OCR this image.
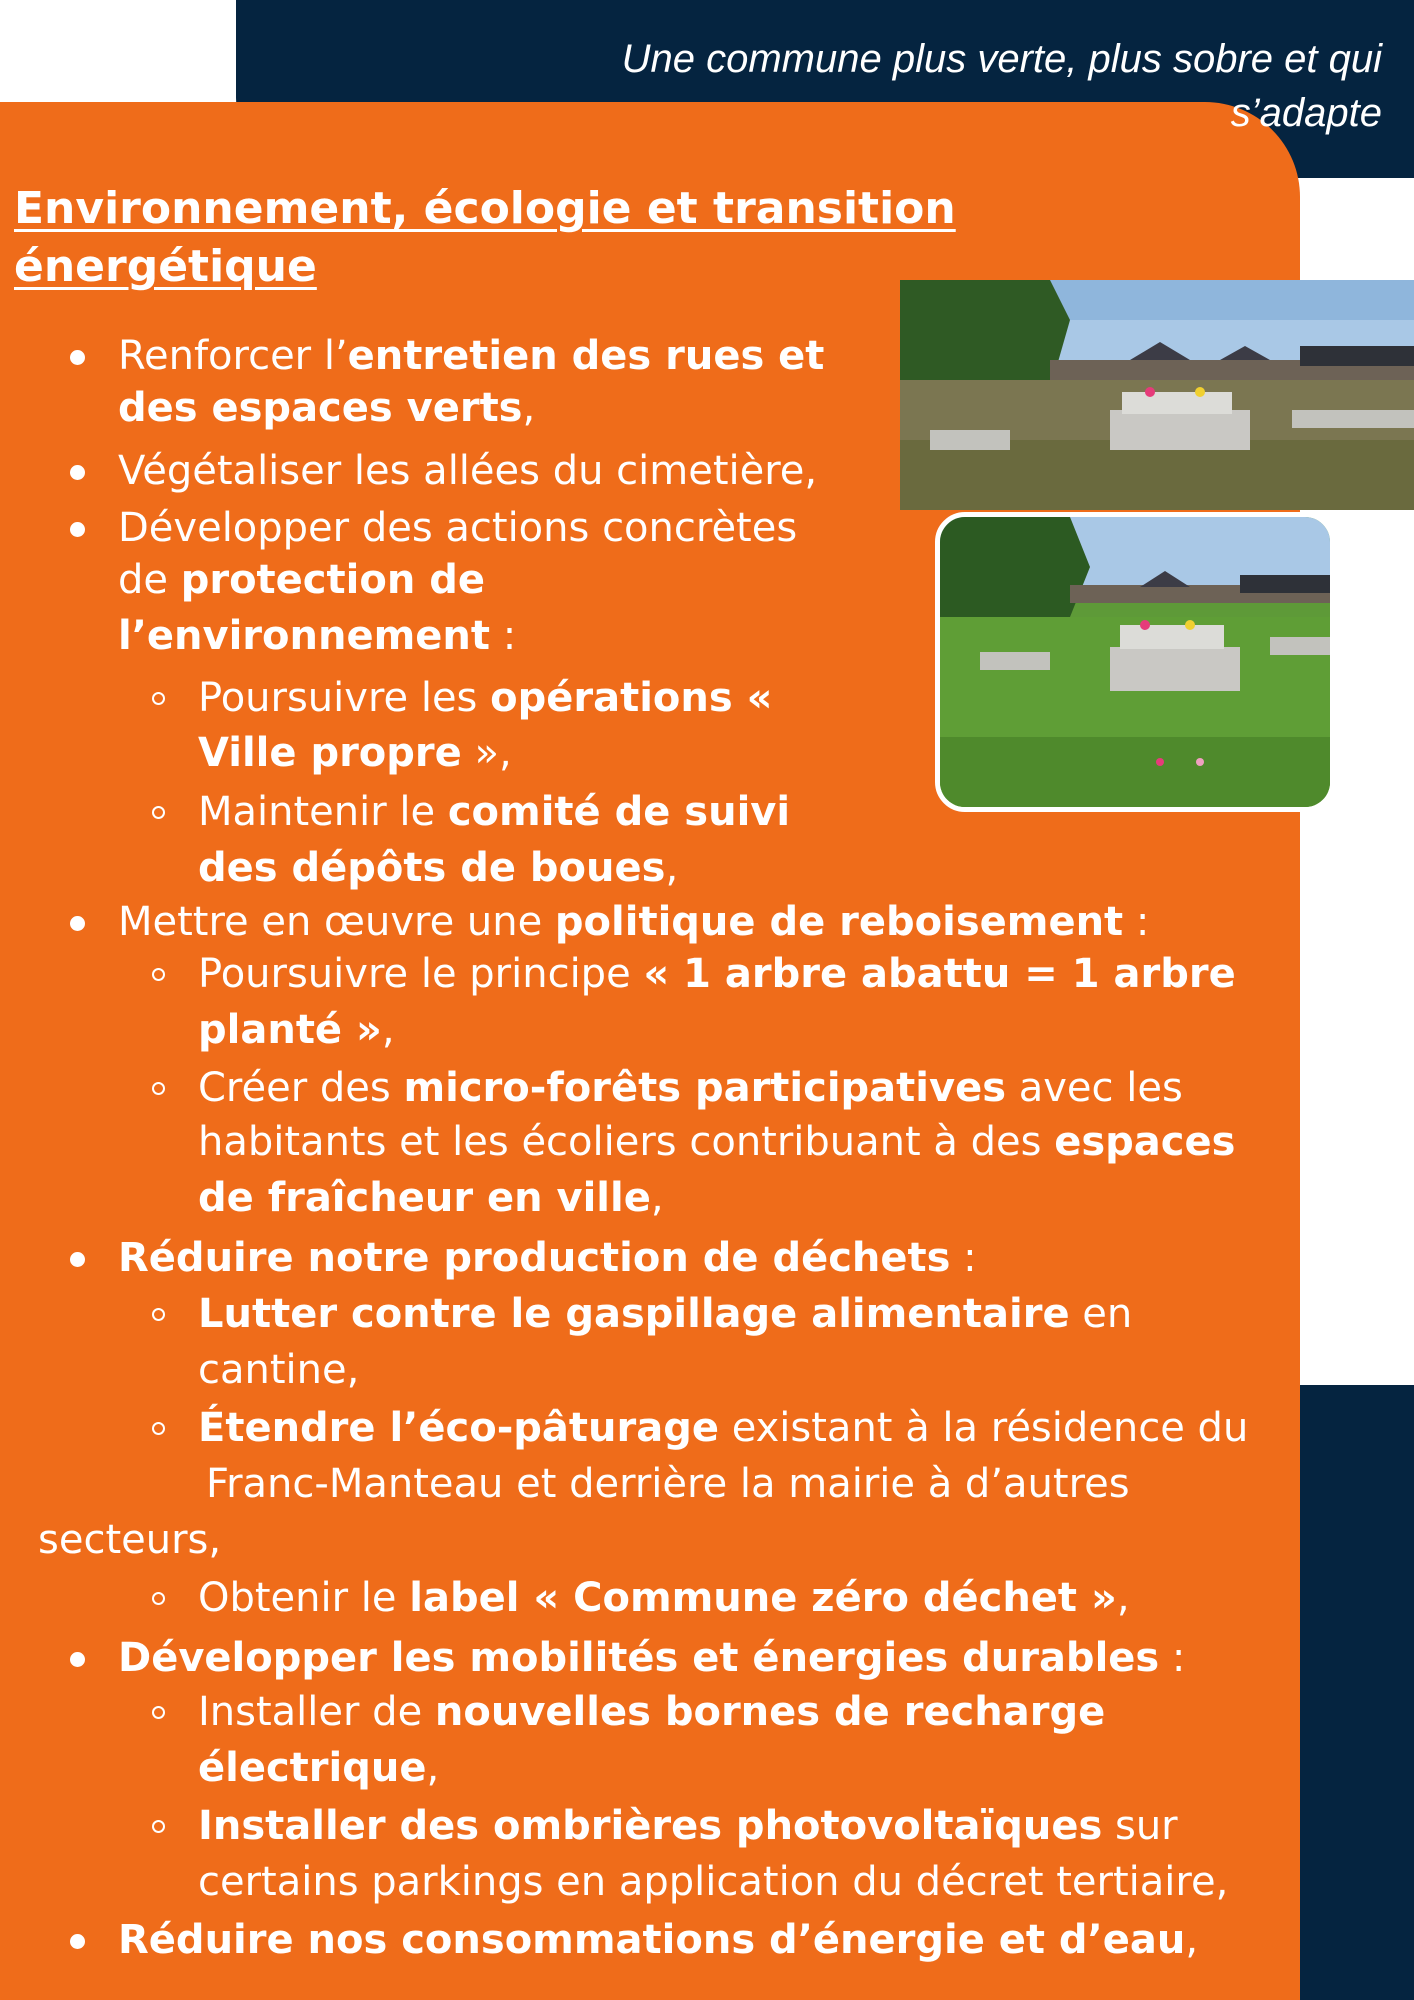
Une commune plus verte, plus sobre et qui
s’adapte
Environnement, écologie et transition
énergétique
Renforcer l’entretien des rues et
des espaces verts,
Végétaliser les allées du cimetière,
Développer des actions concrètes
de protection de
l’environnement :
Poursuivre les opérations «
Ville propre »,
Maintenir le comité de suivi
des dépôts de boues,
Mettre en œuvre une politique de reboisement :
Poursuivre le principe « 1 arbre abattu = 1 arbre
planté »,
Créer des micro-forêts participatives avec les
habitants et les écoliers contribuant à des espaces
de fraîcheur en ville,
Réduire notre production de déchets :
Lutter contre le gaspillage alimentaire en
cantine,
Étendre l’éco-pâturage existant à la résidence du
Franc-Manteau et derrière la mairie à d’autres
secteurs,
Obtenir le label « Commune zéro déchet »,
Développer les mobilités et énergies durables :
Installer de nouvelles bornes de recharge
électrique,
Installer des ombrières photovoltaïques sur
certains parkings en application du décret tertiaire,
Réduire nos consommations d’énergie et d’eau,
